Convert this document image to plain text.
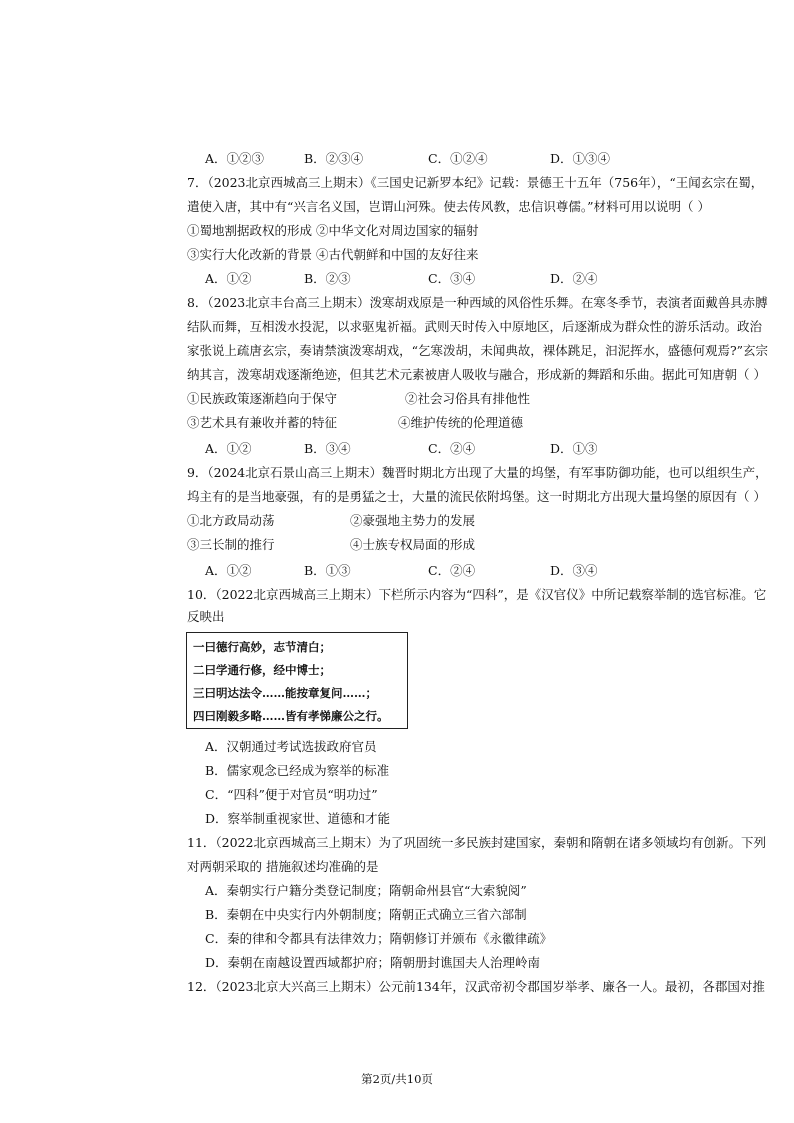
A．①②③	B．②③④	C．①②④	D．①③④
7．（2023北京西城高三上期末）《三国史记新罗本纪》记载：景德王十五年（756年），“王闻玄宗在蜀，
遣使入唐，其中有“兴言名义国，岂谓山河殊。使去传风教，忠信识尊儒。”材料可用以说明（ ）
①蜀地割据政权的形成 ②中华文化对周边国家的辐射
③实行大化改新的背景 ④古代朝鲜和中国的友好往来
A．①②	B．②③	C．③④	D．②④
8．（2023北京丰台高三上期末）泼寒胡戏原是一种西域的风俗性乐舞。在寒冬季节，表演者面戴兽具赤膊
结队而舞，互相泼水投泥，以求驱鬼祈福。武则天时传入中原地区，后逐渐成为群众性的游乐活动。政治
家张说上疏唐玄宗，奏请禁演泼寒胡戏，“乞寒泼胡，未闻典故，裸体跳足，汩泥挥水，盛德何观焉?”玄宗
纳其言，泼寒胡戏逐渐绝迹，但其艺术元素被唐人吸收与融合，形成新的舞蹈和乐曲。据此可知唐朝（ ）
①民族政策逐渐趋向于保守	②社会习俗具有排他性
③艺术具有兼收并蓄的特征	④维护传统的伦理道德
A．①②	B．③④	C．②④	D．①③
9．（2024北京石景山高三上期末）魏晋时期北方出现了大量的坞堡，有军事防御功能，也可以组织生产，
坞主有的是当地豪强，有的是勇猛之士，大量的流民依附坞堡。这一时期北方出现大量坞堡的原因有（ ）
①北方政局动荡	②豪强地主势力的发展
③三长制的推行	④士族专权局面的形成
A．①②	B．①③	C．②④	D．③④
10．（2022北京西城高三上期末）下栏所示内容为“四科”，是《汉官仪》中所记载察举制的选官标准。它
反映出
一曰德行高妙，志节清白；
二曰学通行修，经中博士；
三曰明达法令……能按章复问……；
四曰刚毅多略……皆有孝悌廉公之行。
A．汉朝通过考试选拔政府官员
B．儒家观念已经成为察举的标准
C．“四科”便于对官员“明功过”
D．察举制重视家世、道德和才能
11．（2022北京西城高三上期末）为了巩固统一多民族封建国家，秦朝和隋朝在诸多领域均有创新。下列
对两朝采取的 措施叙述均准确的是
A．秦朝实行户籍分类登记制度；隋朝命州县官“大索貌阅”
B．秦朝在中央实行内外朝制度；隋朝正式确立三省六部制
C．秦的律和令都具有法律效力；隋朝修订并颁布《永徽律疏》
D．秦朝在南越设置西域都护府；隋朝册封谯国夫人治理岭南
12．（2023北京大兴高三上期末）公元前134年，汉武帝初令郡国岁举孝、廉各一人。最初，各郡国对推
第2页/共10页
